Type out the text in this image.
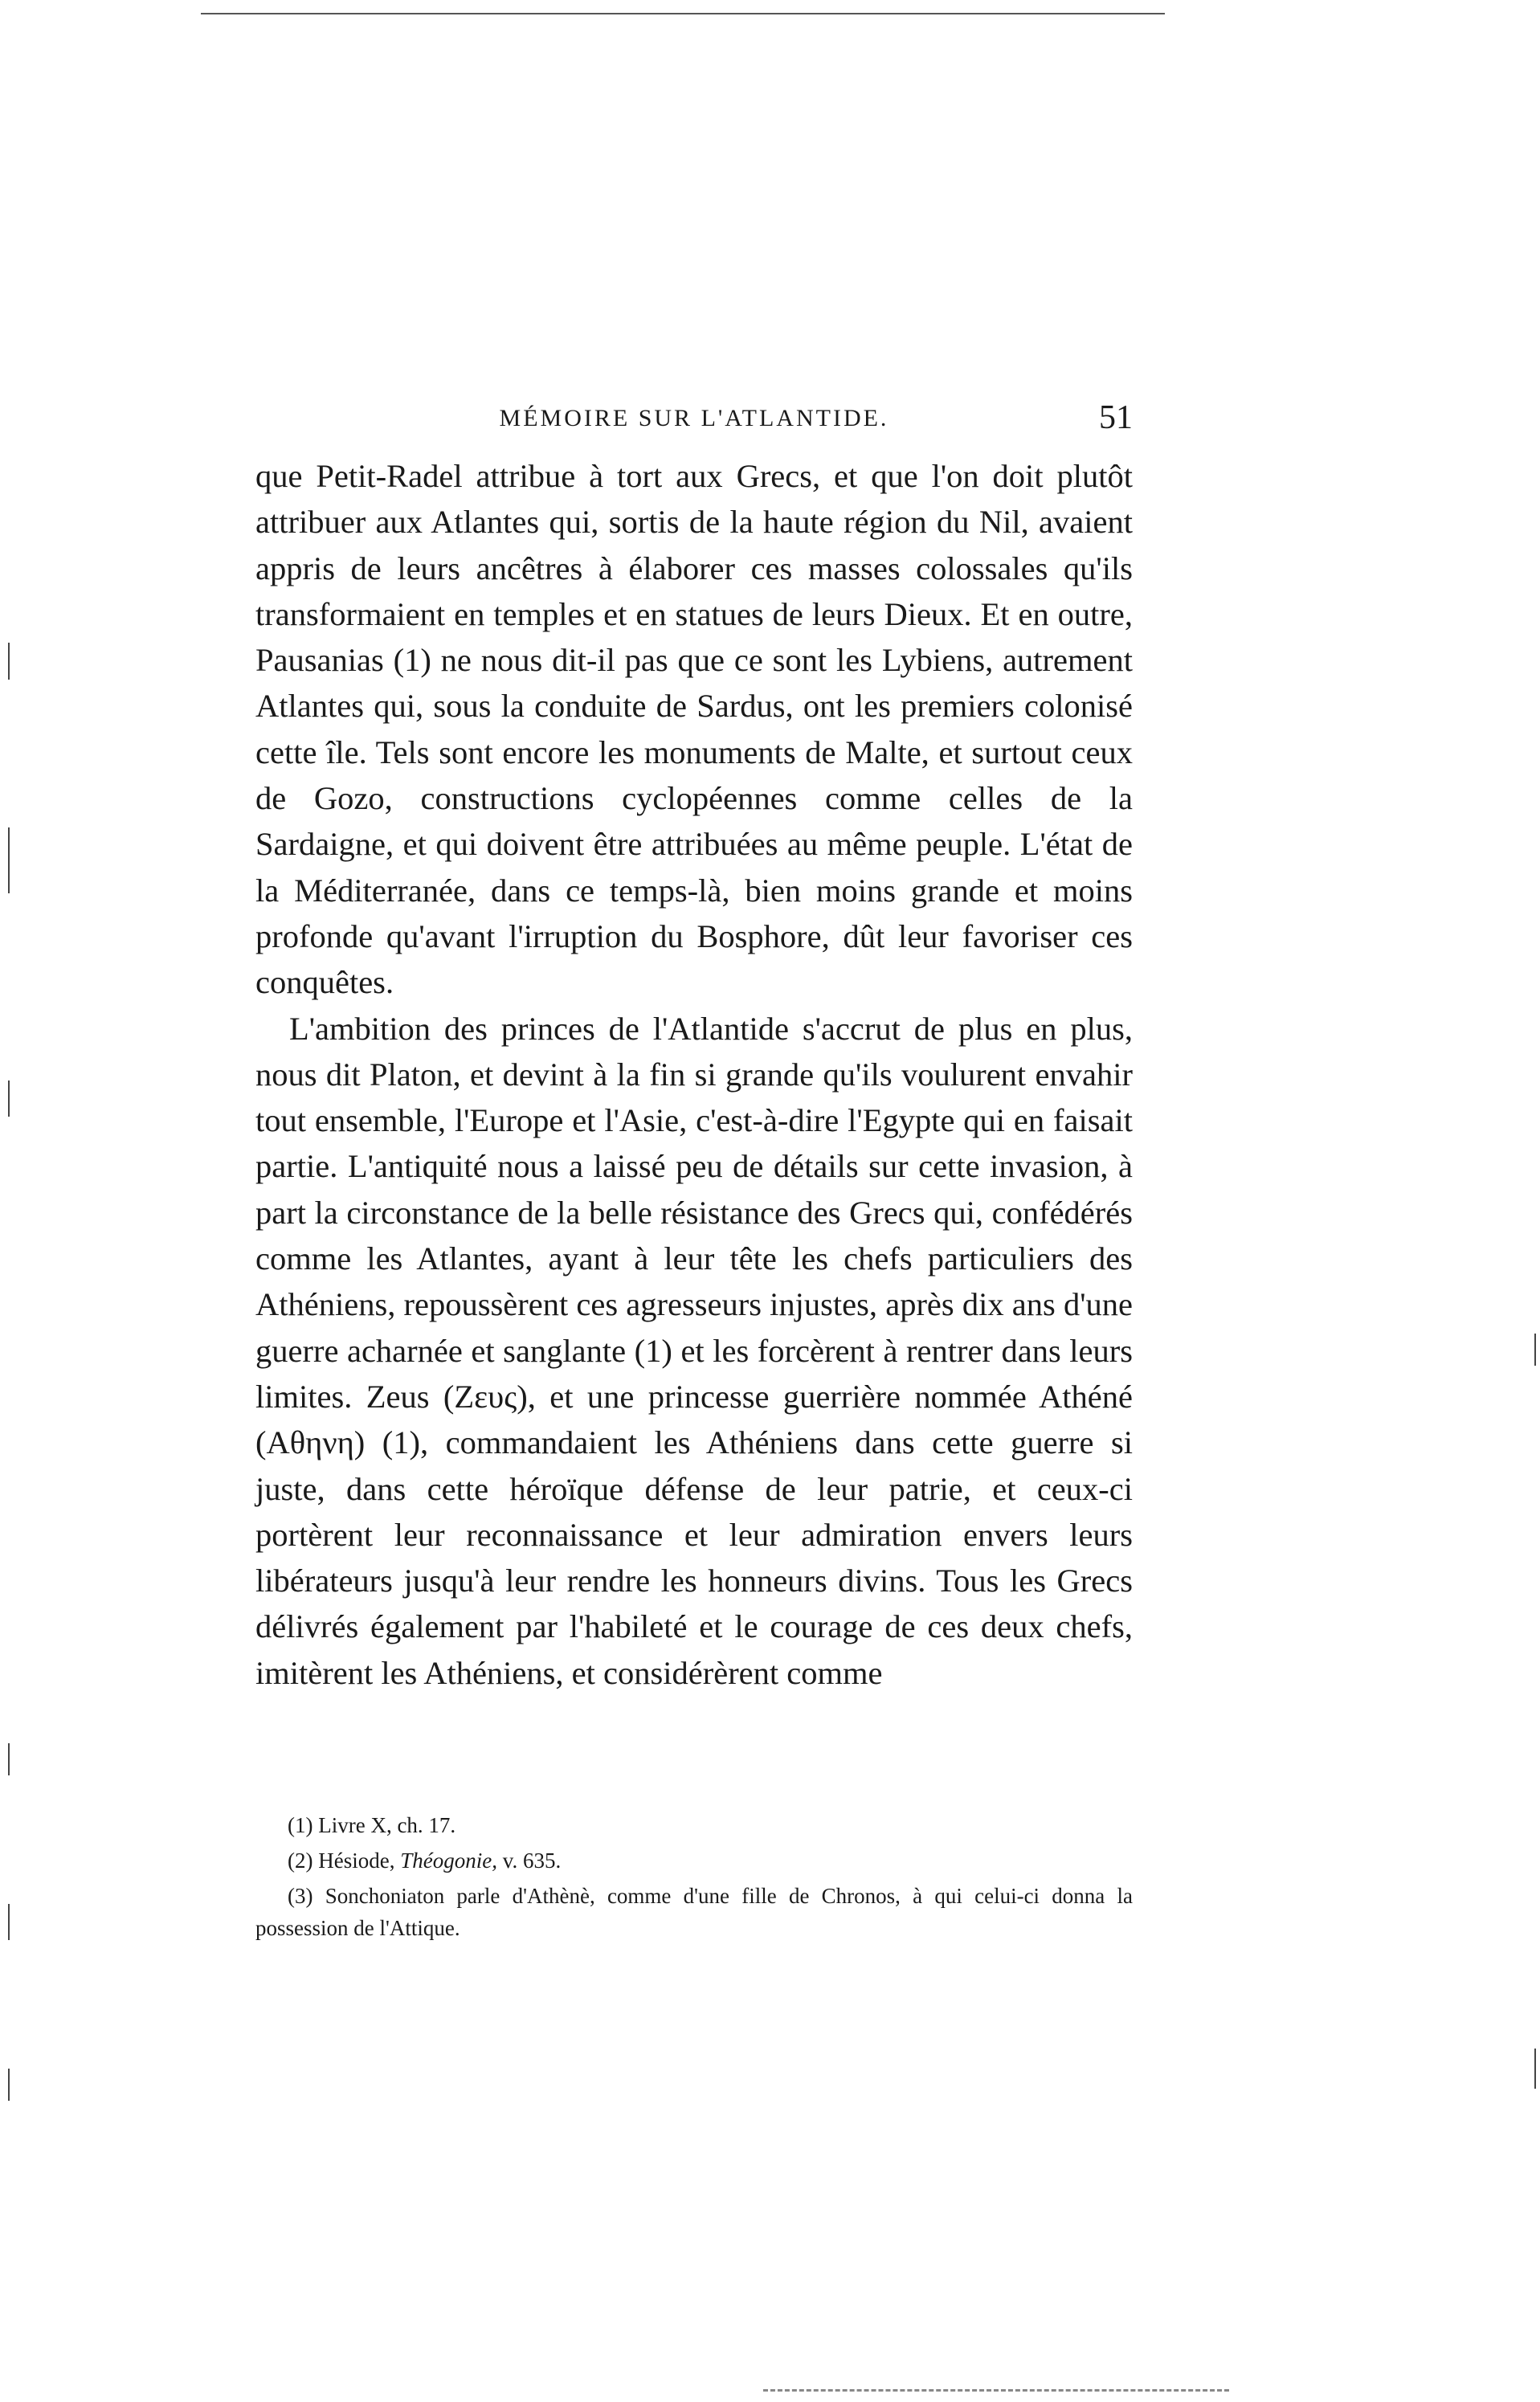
MÉMOIRE SUR L'ATLANTIDE.	51

que Petit-Radel attribue à tort aux Grecs, et que l'on doit plutôt attribuer aux Atlantes qui, sortis de la haute région du Nil, avaient appris de leurs ancêtres à élaborer ces masses colossales qu'ils transformaient en temples et en statues de leurs Dieux. Et en outre, Pausanias (1) ne nous dit-il pas que ce sont les Lybiens, autrement Atlantes qui, sous la conduite de Sardus, ont les premiers colonisé cette île. Tels sont encore les monuments de Malte, et surtout ceux de Gozo, constructions cyclopéennes comme celles de la Sardaigne, et qui doivent être attribuées au même peuple. L'état de la Méditerranée, dans ce temps-là, bien moins grande et moins profonde qu'avant l'irruption du Bosphore, dût leur favoriser ces conquêtes.

L'ambition des princes de l'Atlantide s'accrut de plus en plus, nous dit Platon, et devint à la fin si grande qu'ils voulurent envahir tout ensemble, l'Europe et l'Asie, c'est-à-dire l'Egypte qui en faisait partie. L'antiquité nous a laissé peu de détails sur cette invasion, à part la circonstance de la belle résistance des Grecs qui, confédérés comme les Atlantes, ayant à leur tête les chefs particuliers des Athéniens, repoussèrent ces agresseurs injustes, après dix ans d'une guerre acharnée et sanglante (1) et les forcèrent à rentrer dans leurs limites. Zeus (Ζευς), et une princesse guerrière nommée Athéné (Αθηνη) (1), commandaient les Athéniens dans cette guerre si juste, dans cette héroïque défense de leur patrie, et ceux-ci portèrent leur reconnaissance et leur admiration envers leurs libérateurs jusqu'à leur rendre les honneurs divins. Tous les Grecs délivrés également par l'habileté et le courage de ces deux chefs, imitèrent les Athéniens, et considérèrent comme

(1) Livre X, ch. 17.

(2) Hésiode, Théogonie, v. 635.

(3) Sonchoniaton parle d'Athènè, comme d'une fille de Chronos, à qui celui-ci donna la possession de l'Attique.
